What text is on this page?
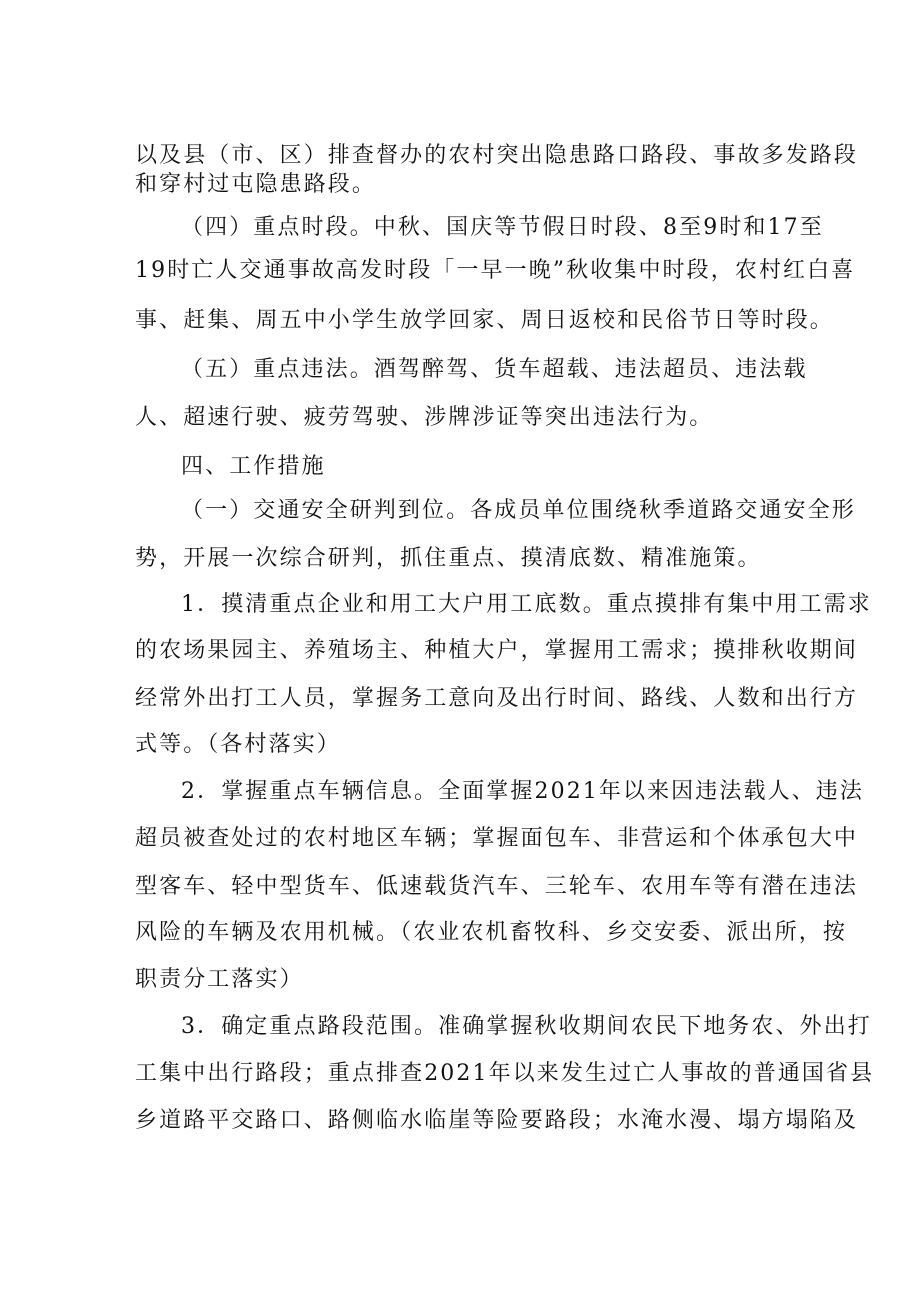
以及县（市、区）排查督办的农村突出隐患路口路段、事故多发路段
和穿村过屯隐患路段。
（四）重点时段。中秋、国庆等节假日时段、8至9时和17至
19时亡人交通事故高发时段「一早一晚”秋收集中时段，农村红白喜
事、赶集、周五中小学生放学回家、周日返校和民俗节日等时段。
（五）重点违法。酒驾醉驾、货车超载、违法超员、违法载
人、超速行驶、疲劳驾驶、涉牌涉证等突出违法行为。
四、工作措施
（一）交通安全研判到位。各成员单位围绕秋季道路交通安全形
势，开展一次综合研判，抓住重点、摸清底数、精准施策。
1．摸清重点企业和用工大户用工底数。重点摸排有集中用工需求
的农场果园主、养殖场主、种植大户，掌握用工需求；摸排秋收期间
经常外出打工人员，掌握务工意向及出行时间、路线、人数和出行方
式等。（各村落实）
2．掌握重点车辆信息。全面掌握2021年以来因违法载人、违法
超员被查处过的农村地区车辆；掌握面包车、非营运和个体承包大中
型客车、轻中型货车、低速载货汽车、三轮车、农用车等有潜在违法
风险的车辆及农用机械。（农业农机畜牧科、乡交安委、派出所，按
职责分工落实）
3．确定重点路段范围。准确掌握秋收期间农民下地务农、外出打
工集中出行路段；重点排查2021年以来发生过亡人事故的普通国省县
乡道路平交路口、路侧临水临崖等险要路段；水淹水漫、塌方塌陷及
